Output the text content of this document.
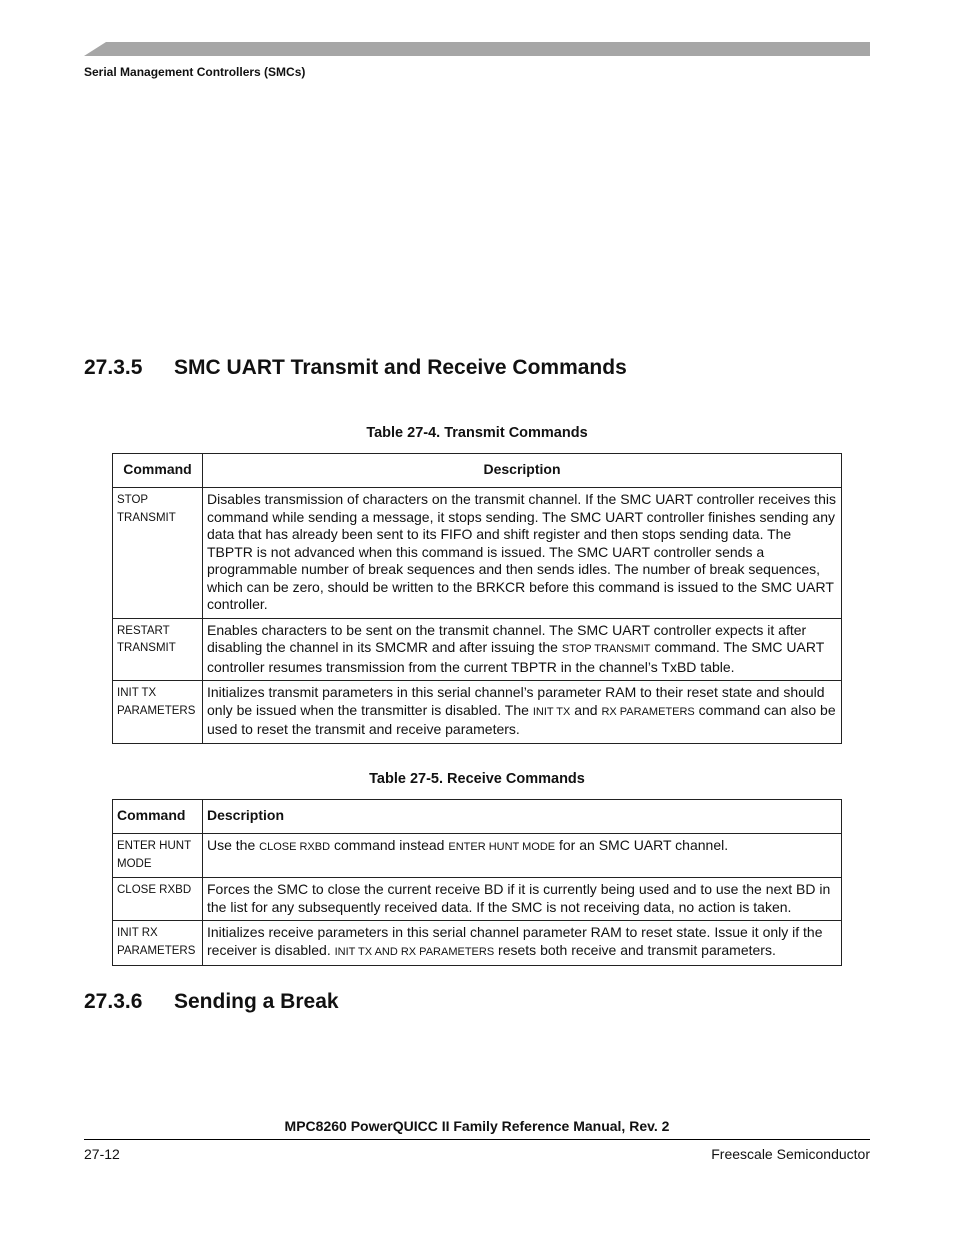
Serial Management Controllers (SMCs)
27.3.5	SMC UART Transmit and Receive Commands
Table 27-4. Transmit Commands
Command	Description

STOP
TRANSMIT	Disables transmission of characters on the transmit channel. If the SMC UART controller receives this command while sending a message, it stops sending. The SMC UART controller finishes sending any data that has already been sent to its FIFO and shift register and then stops sending data. The TBPTR is not advanced when this command is issued. The SMC UART controller sends a programmable number of break sequences and then sends idles. The number of break sequences, which can be zero, should be written to the BRKCR before this command is issued to the SMC UART controller.

RESTART
TRANSMIT	Enables characters to be sent on the transmit channel. The SMC UART controller expects it after disabling the channel in its SMCMR and after issuing the STOP TRANSMIT command. The SMC UART controller resumes transmission from the current TBPTR in the channel’s TxBD table.

INIT TX
PARAMETERS	Initializes transmit parameters in this serial channel’s parameter RAM to their reset state and should only be issued when the transmitter is disabled. The INIT TX and RX PARAMETERS command can also be used to reset the transmit and receive parameters.
Table 27-5. Receive Commands
Command	Description

ENTER HUNT
MODE	Use the CLOSE RXBD command instead ENTER HUNT MODE for an SMC UART channel.

CLOSE RXBD	Forces the SMC to close the current receive BD if it is currently being used and to use the next BD in the list for any subsequently received data. If the SMC is not receiving data, no action is taken.

INIT RX
PARAMETERS	Initializes receive parameters in this serial channel parameter RAM to reset state. Issue it only if the receiver is disabled. INIT TX AND RX PARAMETERS resets both receive and transmit parameters.
27.3.6	Sending a Break
MPC8260 PowerQUICC II Family Reference Manual, Rev. 2
27-12	Freescale Semiconductor
